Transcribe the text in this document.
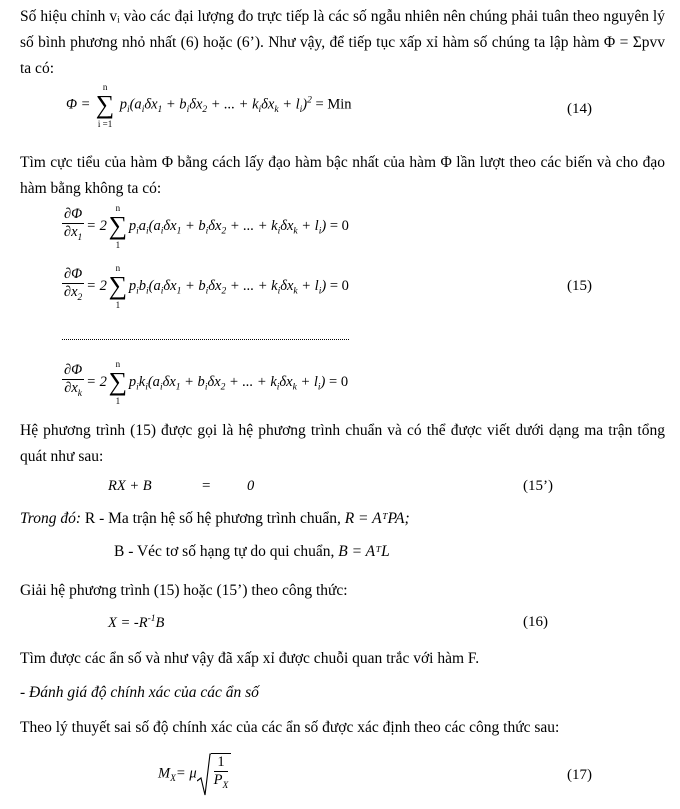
Số hiệu chỉnh vᵢ vào các đại lượng đo trực tiếp là các số ngẫu nhiên nên chúng phải tuân theo nguyên lý số bình phương nhỏ nhất (6) hoặc (6’). Như vậy, để tiếp tục xấp xỉ hàm số chúng ta lập hàm Φ = Σpvv ta có:
Φ =
n
∑
i =1
$p_i(a_i\delta x_1 + b_i\delta x_2$ + ... + $k_i\delta x_k + l_i)^2$ = Min	(14)
Tìm cực tiểu của hàm Φ bằng cách lấy đạo hàm bậc nhất của hàm Φ lần lượt theo các biến và cho đạo hàm bằng không ta có:
$\frac{\partial\Phi}{\partial x_1} = 2$
n
∑
1
$p_ia_i(a_i\delta x_1 + b_i\delta x_2$ + ... + $k_i\delta x_k + l_i) = 0$
$\frac{\partial\Phi}{\partial x_2} = 2$
n
∑
1
$p_ib_i(a_i\delta x_1 + b_i\delta x_2$ + ... + $k_i\delta x_k + l_i) = 0$	(15)
$\frac{\partial\Phi}{\partial x_k} = 2$
n
∑
1
$p_ik_i(a_i\delta x_1 + b_i\delta x_2$ + ... + $k_i\delta x_k + l_i) = 0$
Hệ phương trình (15) được gọi là hệ phương trình chuẩn và có thể được viết dưới dạng ma trận tổng quát như sau:
RX + B	=	0	(15’)
Trong đó: R - Ma trận hệ số hệ phương trình chuẩn, R = AᵀPA;
B - Véc tơ số hạng tự do qui chuẩn, B = AᵀL
Giải hệ phương trình (15) hoặc (15’) theo công thức:
$X = -R^{-1}B$	(16)
Tìm được các ẩn số và như vậy đã xấp xỉ được chuỗi quan trắc với hàm F.
- Đánh giá độ chính xác của các ẩn số
Theo lý thuyết sai số độ chính xác của các ẩn số được xác định theo các công thức sau:
$M_X= \mu \frac{1}{P_X}$	(17)
